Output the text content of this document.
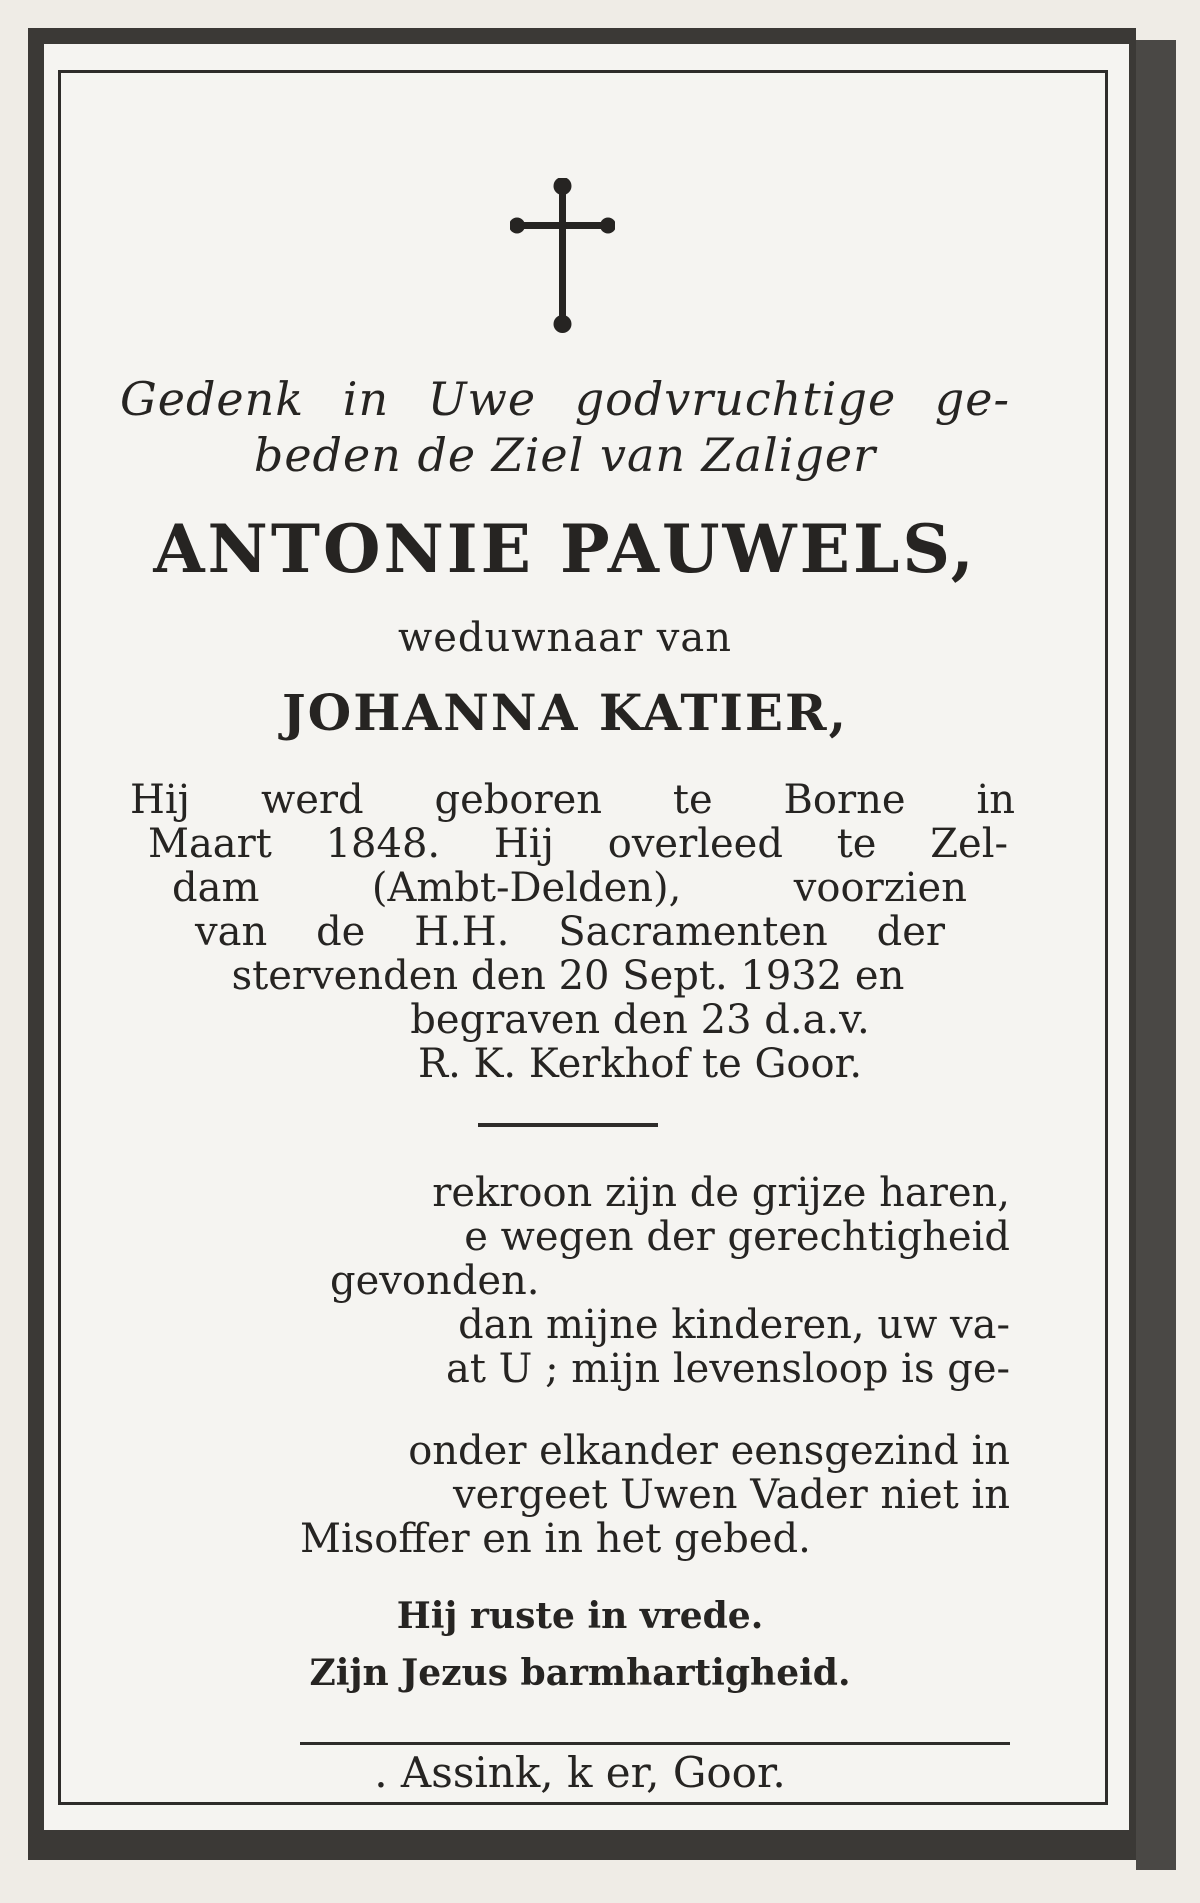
Gedenk in Uwe godvruchtige ge-
beden de Ziel van Zaliger
ANTONIE PAUWELS,
weduwnaar van
JOHANNA KATIER,
Hij werd geboren te Borne in
Maart 1848. Hij overleed te Zel-
dam (Ambt-Delden), voorzien
van de H.H. Sacramenten der
stervenden den 20 Sept. 1932 en
begraven den 23 d.a.v.
R. K. Kerkhof te Goor.
rekroon zijn de grijze haren,
e wegen der gerechtigheid
gevonden.
dan mijne kinderen, uw va-
at U ; mijn levensloop is ge-
onder elkander eensgezind in
vergeet Uwen Vader niet in
Misoffer en in het gebed.
Hij ruste in vrede.
Zijn Jezus barmhartigheid.
. Assink, k er, Goor.
